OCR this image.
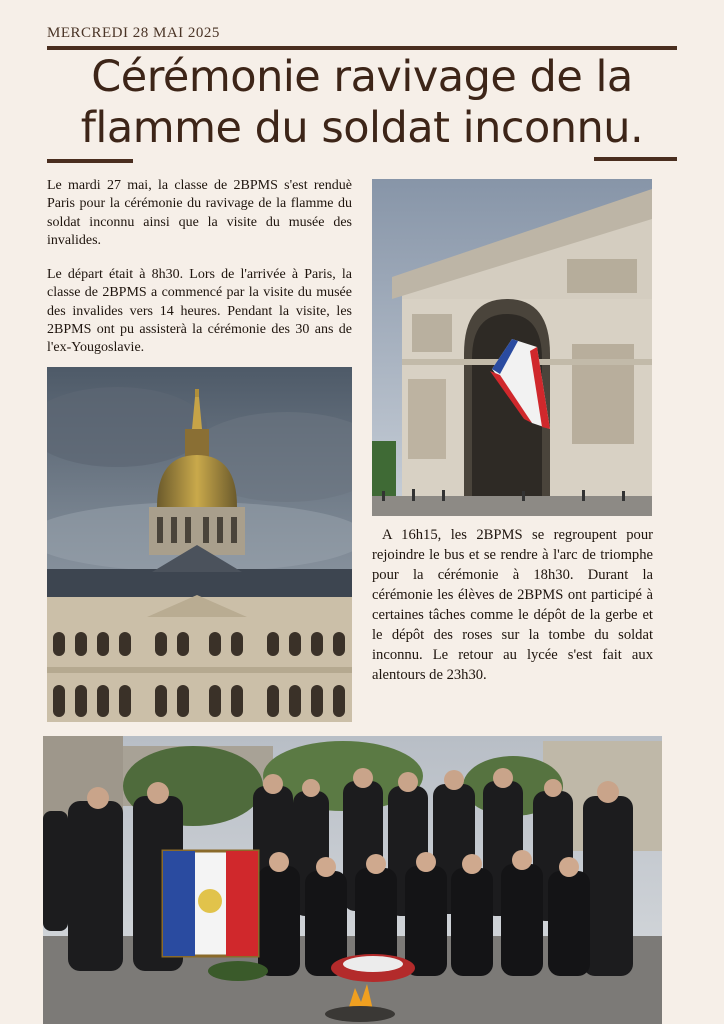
MERCREDI 28 MAI 2025
Cérémonie ravivage de la
flamme du soldat inconnu.

Le mardi 27 mai, la classe de 2BPMS s'est renduè Paris pour la cérémonie du ravivage de la flamme du soldat inconnu ainsi que la visite du musée des invalides.

Le départ était à 8h30. Lors de l'arrivée à Paris, la classe de 2BPMS a commencé par la visite du musée des invalides vers 14 heures. Pendant la visite, les 2BPMS ont pu assisterà la cérémonie des 30 ans de l'ex-Yougoslavie.

A 16h15, les 2BPMS se regroupent pour rejoindre le bus et se rendre à l'arc de triomphe pour la cérémonie à 18h30. Durant la cérémonie les élèves de 2BPMS ont participé à certaines tâches comme le dépôt de la gerbe et le dépôt des roses sur la tombe du soldat inconnu. Le retour au lycée s'est fait aux alentours de 23h30.
